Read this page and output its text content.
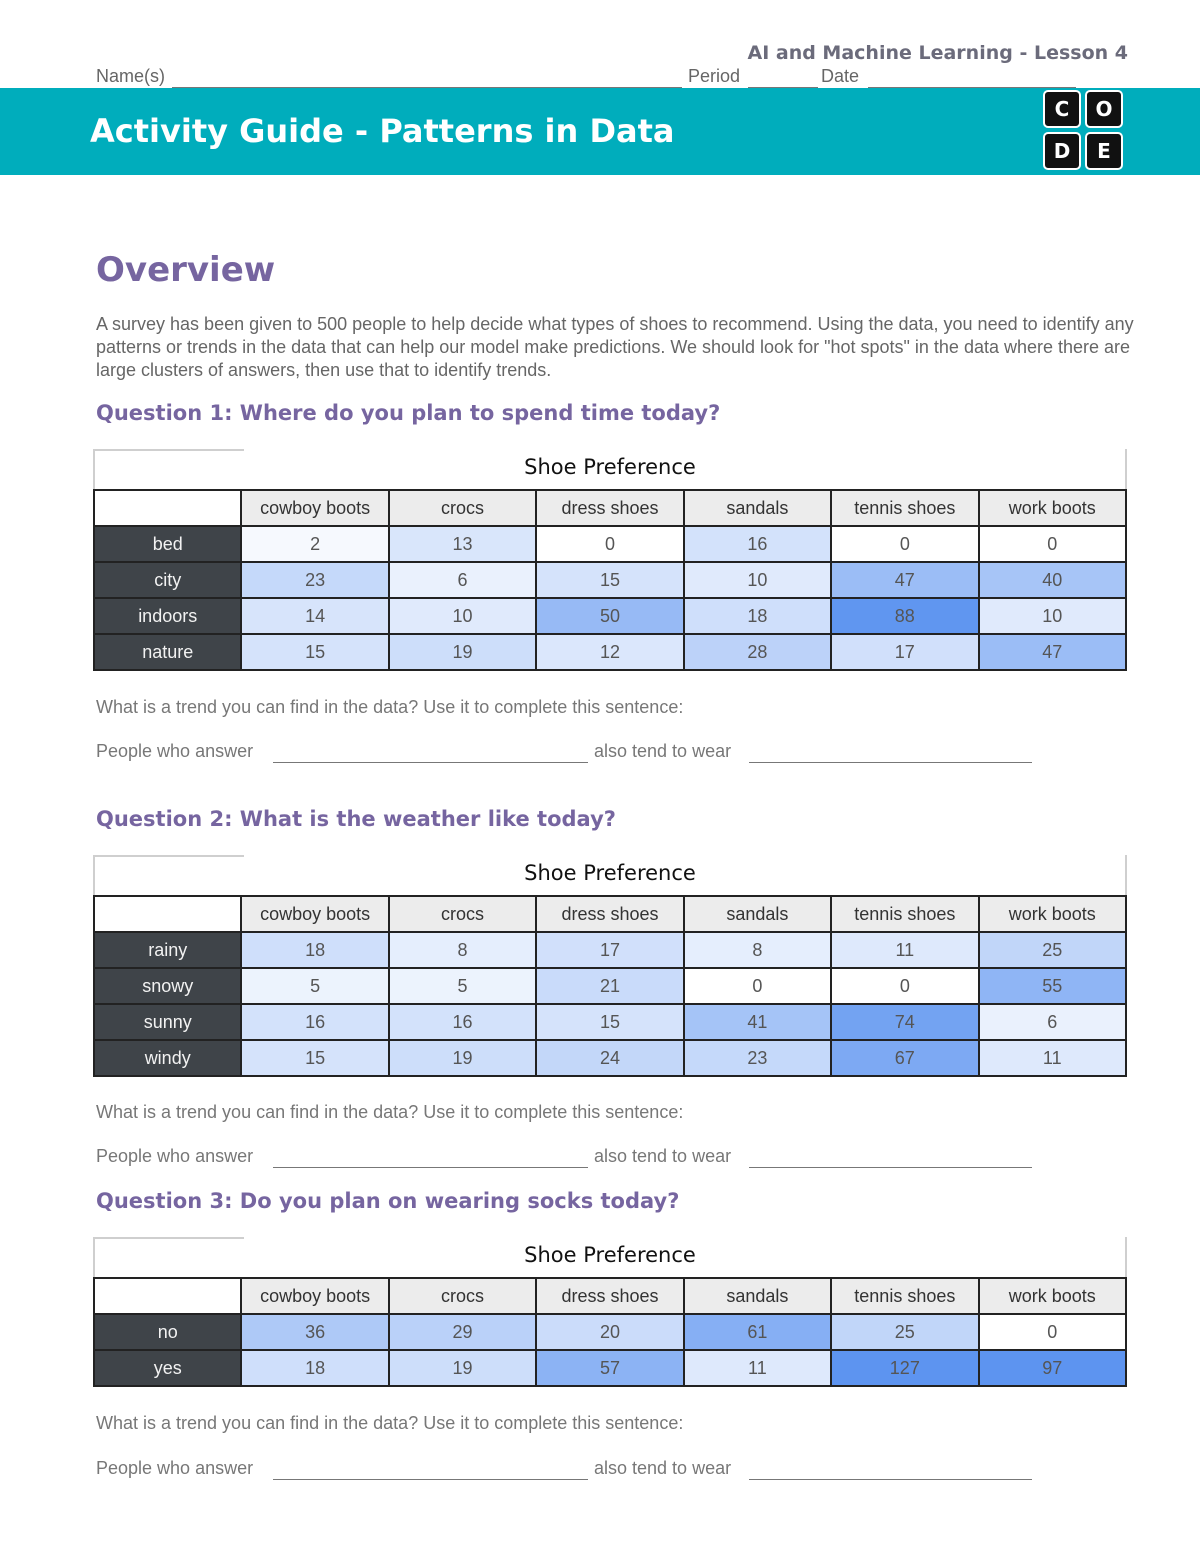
AI and Machine Learning - Lesson 4
Name(s)	Period	Date
Activity Guide - Patterns in Data
C	O
D	E
Overview

A survey has been given to 500 people to help decide what types of shoes to recommend. Using the data, you need to identify any patterns or trends in the data that can help our model make predictions. We should look for "hot spots" in the data where there are large clusters of answers, then use that to identify trends.

Question 1: Where do you plan to spend time today?
Shoe Preference
	cowboy boots	crocs	dress shoes	sandals	tennis shoes	work boots
bed	2	13	0	16	0	0
city	23	6	15	10	47	40
indoors	14	10	50	18	88	10
nature	15	19	12	28	17	47
What is a trend you can find in the data? Use it to complete this sentence:
People who answer	also tend to wear
Question 2: What is the weather like today?
Shoe Preference
	cowboy boots	crocs	dress shoes	sandals	tennis shoes	work boots
rainy	18	8	17	8	11	25
snowy	5	5	21	0	0	55
sunny	16	16	15	41	74	6
windy	15	19	24	23	67	11
What is a trend you can find in the data? Use it to complete this sentence:
People who answer	also tend to wear
Question 3: Do you plan on wearing socks today?
Shoe Preference
	cowboy boots	crocs	dress shoes	sandals	tennis shoes	work boots
no	36	29	20	61	25	0
yes	18	19	57	11	127	97
What is a trend you can find in the data? Use it to complete this sentence:
People who answer	also tend to wear
